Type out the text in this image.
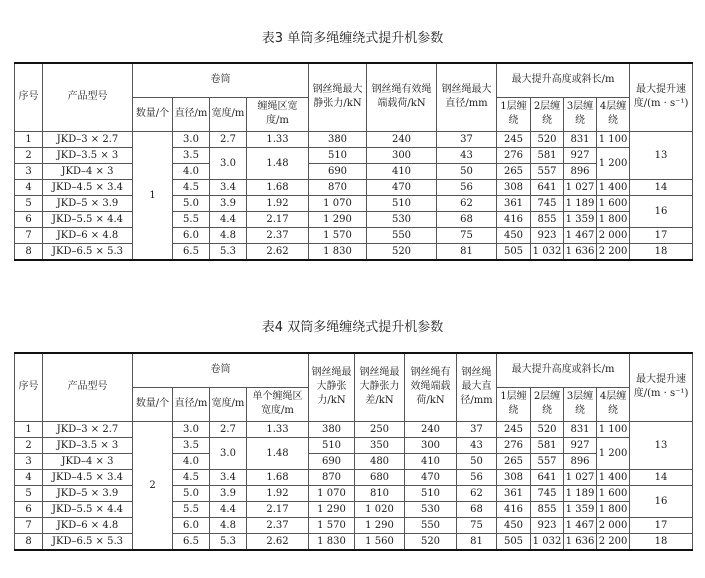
表3 单筒多绳缠绕式提升机参数
序号	产品型号	卷筒				钢丝绳最大静张力/kN	钢丝绳有效绳端载荷/kN	钢丝绳最大直径/mm	最大提升高度或斜长/m				最大提升速度/(m · s⁻¹)
		数量/个	直径/m	宽度/m	缠绳区宽度/m				1层缠绕	2层缠绕	3层缠绕	4层缠绕	
1	JKD–3 × 2.7	1	3.0	2.7	1.33	380	240	37	245	520	831	1 100	13
2	JKD–3.5 × 3		3.5	3.0	1.48	510	300	43	276	581	927	1 200	
3	JKD–4 × 3		4.0			690	410	50	265	557	896		
4	JKD–4.5 × 3.4		4.5	3.4	1.68	870	470	56	308	641	1 027	1 400	14
5	JKD–5 × 3.9		5.0	3.9	1.92	1 070	510	62	361	745	1 189	1 600	16
6	JKD–5.5 × 4.4		5.5	4.4	2.17	1 290	530	68	416	855	1 359	1 800	
7	JKD–6 × 4.8		6.0	4.8	2.37	1 570	550	75	450	923	1 467	2 000	17
8	JKD–6.5 × 5.3		6.5	5.3	2.62	1 830	520	81	505	1 032	1 636	2 200	18
表4 双筒多绳缠绕式提升机参数
序号	产品型号	卷筒				钢丝绳最大静张力/kN	钢丝绳最大静张力差/kN	钢丝绳有效绳端载荷/kN	钢丝绳最大直径/mm	最大提升高度或斜长/m				最大提升速度/(m · s⁻¹)
		数量/个	直径/m	宽度/m	单个缠绳区宽度/m					1层缠绕	2层缠绕	3层缠绕	4层缠绕	
1	JKD–3 × 2.7	2	3.0	2.7	1.33	380	250	240	37	245	520	831	1 100	13
2	JKD–3.5 × 3		3.5	3.0	1.48	510	350	300	43	276	581	927	1 200	
3	JKD–4 × 3		4.0			690	480	410	50	265	557	896		
4	JKD–4.5 × 3.4		4.5	3.4	1.68	870	680	470	56	308	641	1 027	1 400	14
5	JKD–5 × 3.9		5.0	3.9	1.92	1 070	810	510	62	361	745	1 189	1 600	16
6	JKD–5.5 × 4.4		5.5	4.4	2.17	1 290	1 020	530	68	416	855	1 359	1 800	
7	JKD–6 × 4.8		6.0	4.8	2.37	1 570	1 290	550	75	450	923	1 467	2 000	17
8	JKD–6.5 × 5.3		6.5	5.3	2.62	1 830	1 560	520	81	505	1 032	1 636	2 200	18
